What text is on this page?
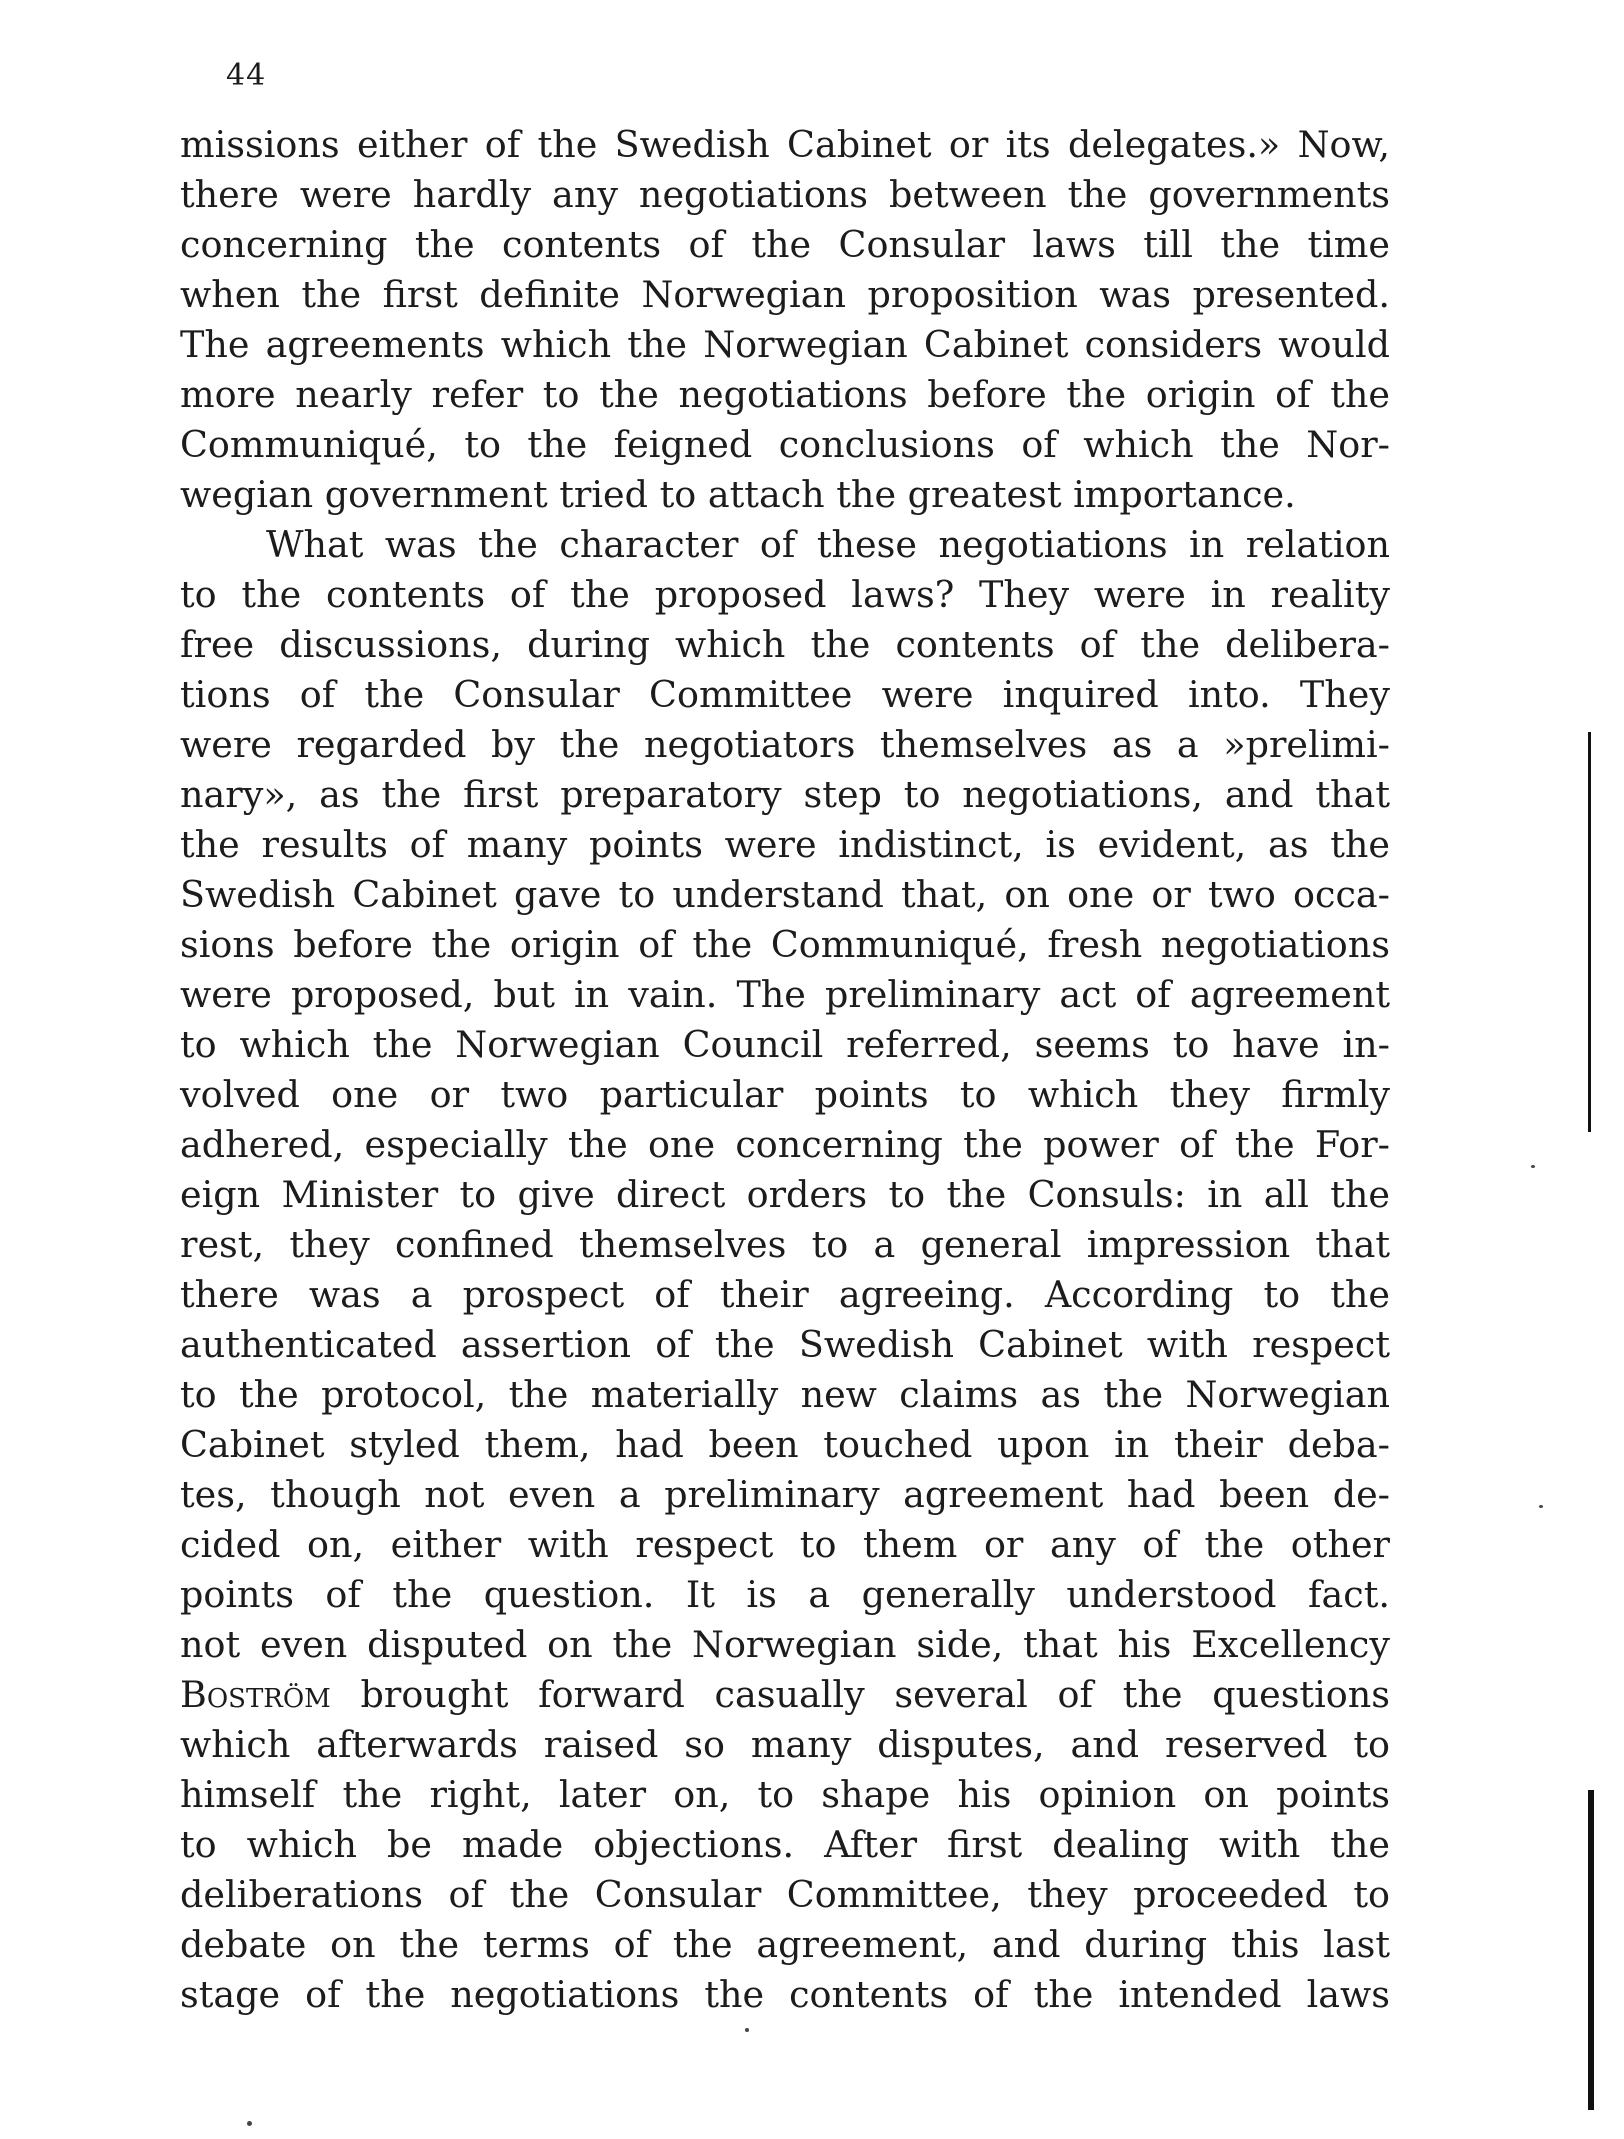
44
missions either of the Swedish Cabinet or its delegates.» Now,
there were hardly any negotiations between the governments
concerning the contents of the Consular laws till the time
when the first definite Norwegian proposition was presented.
The agreements which the Norwegian Cabinet considers would
more nearly refer to the negotiations before the origin of the
Communiqué, to the feigned conclusions of which the Nor-
wegian government tried to attach the greatest importance.
What was the character of these negotiations in relation
to the contents of the proposed laws? They were in reality
free discussions, during which the contents of the delibera-
tions of the Consular Committee were inquired into. They
were regarded by the negotiators themselves as a »prelimi-
nary», as the first preparatory step to negotiations, and that
the results of many points were indistinct, is evident, as the
Swedish Cabinet gave to understand that, on one or two occa-
sions before the origin of the Communiqué, fresh negotiations
were proposed, but in vain. The preliminary act of agreement
to which the Norwegian Council referred, seems to have in-
volved one or two particular points to which they firmly
adhered, especially the one concerning the power of the For-
eign Minister to give direct orders to the Consuls: in all the
rest, they confined themselves to a general impression that
there was a prospect of their agreeing. According to the
authenticated assertion of the Swedish Cabinet with respect
to the protocol, the materially new claims as the Norwegian
Cabinet styled them, had been touched upon in their deba-
tes, though not even a preliminary agreement had been de-
cided on, either with respect to them or any of the other
points of the question. It is a generally understood fact.
not even disputed on the Norwegian side, that his Excellency
Boström brought forward casually several of the questions
which afterwards raised so many disputes, and reserved to
himself the right, later on, to shape his opinion on points
to which be made objections. After first dealing with the
deliberations of the Consular Committee, they proceeded to
debate on the terms of the agreement, and during this last
stage of the negotiations the contents of the intended laws
